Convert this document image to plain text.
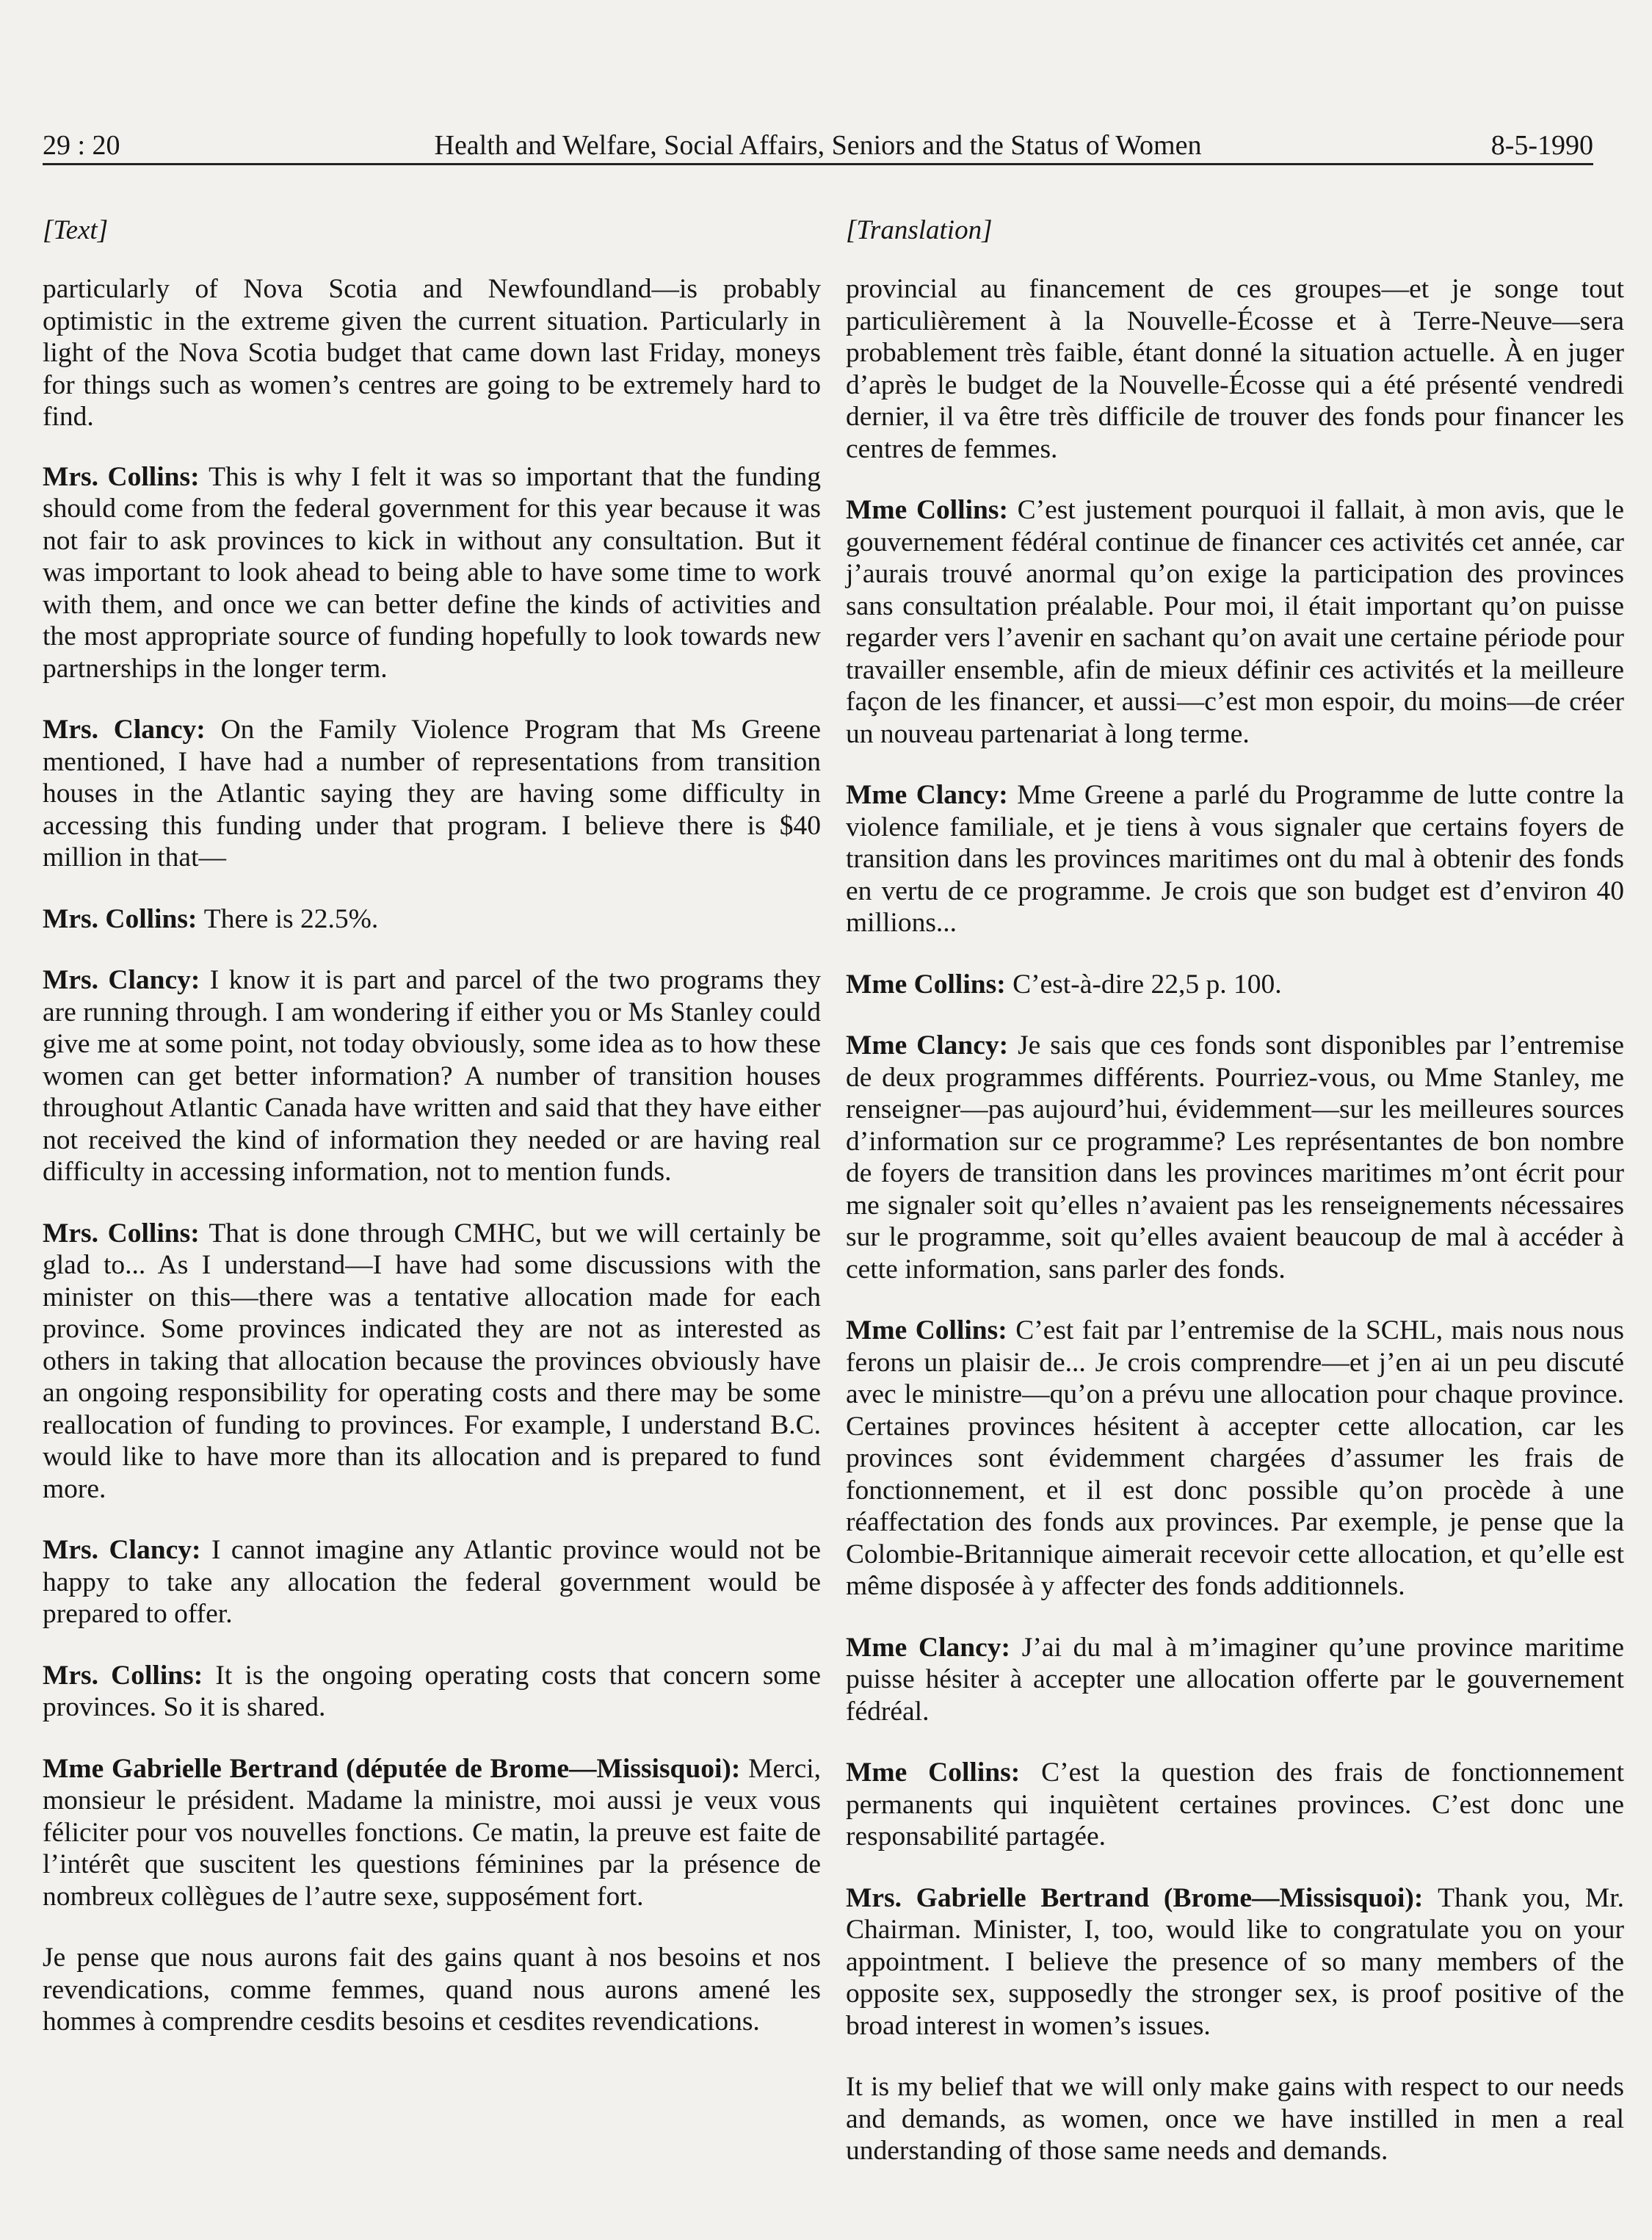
29 : 20	Health and Welfare, Social Affairs, Seniors and the Status of Women	8-5-1990
[Text]

particularly of Nova Scotia and Newfoundland—is probably optimistic in the extreme given the current situation. Particularly in light of the Nova Scotia budget that came down last Friday, moneys for things such as women’s centres are going to be extremely hard to find.

Mrs. Collins: This is why I felt it was so important that the funding should come from the federal government for this year because it was not fair to ask provinces to kick in without any consultation. But it was important to look ahead to being able to have some time to work with them, and once we can better define the kinds of activities and the most appropriate source of funding hopefully to look towards new partnerships in the longer term.

Mrs. Clancy: On the Family Violence Program that Ms Greene mentioned, I have had a number of representations from transition houses in the Atlantic saying they are having some difficulty in accessing this funding under that program. I believe there is $40 million in that—

Mrs. Collins: There is 22.5%.

Mrs. Clancy: I know it is part and parcel of the two programs they are running through. I am wondering if either you or Ms Stanley could give me at some point, not today obviously, some idea as to how these women can get better information? A number of transition houses throughout Atlantic Canada have written and said that they have either not received the kind of information they needed or are having real difficulty in accessing information, not to mention funds.

Mrs. Collins: That is done through CMHC, but we will certainly be glad to... As I understand—I have had some discussions with the minister on this—there was a tentative allocation made for each province. Some provinces indicated they are not as interested as others in taking that allocation because the provinces obviously have an ongoing responsibility for operating costs and there may be some reallocation of funding to provinces. For example, I understand B.C. would like to have more than its allocation and is prepared to fund more.

Mrs. Clancy: I cannot imagine any Atlantic province would not be happy to take any allocation the federal government would be prepared to offer.

Mrs. Collins: It is the ongoing operating costs that concern some provinces. So it is shared.

Mme Gabrielle Bertrand (députée de Brome—Missisquoi): Merci, monsieur le président. Madame la ministre, moi aussi je veux vous féliciter pour vos nouvelles fonctions. Ce matin, la preuve est faite de l’intérêt que suscitent les questions féminines par la présence de nombreux collègues de l’autre sexe, supposément fort.

Je pense que nous aurons fait des gains quant à nos besoins et nos revendications, comme femmes, quand nous aurons amené les hommes à comprendre cesdits besoins et cesdites revendications.

[Translation]

provincial au financement de ces groupes—et je songe tout particulièrement à la Nouvelle-Écosse et à Terre-Neuve—sera probablement très faible, étant donné la situation actuelle. À en juger d’après le budget de la Nouvelle-Écosse qui a été présenté vendredi dernier, il va être très difficile de trouver des fonds pour financer les centres de femmes.

Mme Collins: C’est justement pourquoi il fallait, à mon avis, que le gouvernement fédéral continue de financer ces activités cet année, car j’aurais trouvé anormal qu’on exige la participation des provinces sans consultation préalable. Pour moi, il était important qu’on puisse regarder vers l’avenir en sachant qu’on avait une certaine période pour travailler ensemble, afin de mieux définir ces activités et la meilleure façon de les financer, et aussi—c’est mon espoir, du moins—de créer un nouveau partenariat à long terme.

Mme Clancy: Mme Greene a parlé du Programme de lutte contre la violence familiale, et je tiens à vous signaler que certains foyers de transition dans les provinces maritimes ont du mal à obtenir des fonds en vertu de ce programme. Je crois que son budget est d’environ 40 millions...

Mme Collins: C’est-à-dire 22,5 p. 100.

Mme Clancy: Je sais que ces fonds sont disponibles par l’entremise de deux programmes différents. Pourriez-vous, ou Mme Stanley, me renseigner—pas aujourd’hui, évidemment—sur les meilleures sources d’information sur ce programme? Les représentantes de bon nombre de foyers de transition dans les provinces maritimes m’ont écrit pour me signaler soit qu’elles n’avaient pas les renseignements nécessaires sur le programme, soit qu’elles avaient beaucoup de mal à accéder à cette information, sans parler des fonds.

Mme Collins: C’est fait par l’entremise de la SCHL, mais nous nous ferons un plaisir de... Je crois comprendre—et j’en ai un peu discuté avec le ministre—qu’on a prévu une allocation pour chaque province. Certaines provinces hésitent à accepter cette allocation, car les provinces sont évidemment chargées d’assumer les frais de fonctionnement, et il est donc possible qu’on procède à une réaffectation des fonds aux provinces. Par exemple, je pense que la Colombie-Britannique aimerait recevoir cette allocation, et qu’elle est même disposée à y affecter des fonds additionnels.

Mme Clancy: J’ai du mal à m’imaginer qu’une province maritime puisse hésiter à accepter une allocation offerte par le gouvernement fédréal.

Mme Collins: C’est la question des frais de fonctionnement permanents qui inquiètent certaines provinces. C’est donc une responsabilité partagée.

Mrs. Gabrielle Bertrand (Brome—Missisquoi): Thank you, Mr. Chairman. Minister, I, too, would like to congratulate you on your appointment. I believe the presence of so many members of the opposite sex, supposedly the stronger sex, is proof positive of the broad interest in women’s issues.

It is my belief that we will only make gains with respect to our needs and demands, as women, once we have instilled in men a real understanding of those same needs and demands.
